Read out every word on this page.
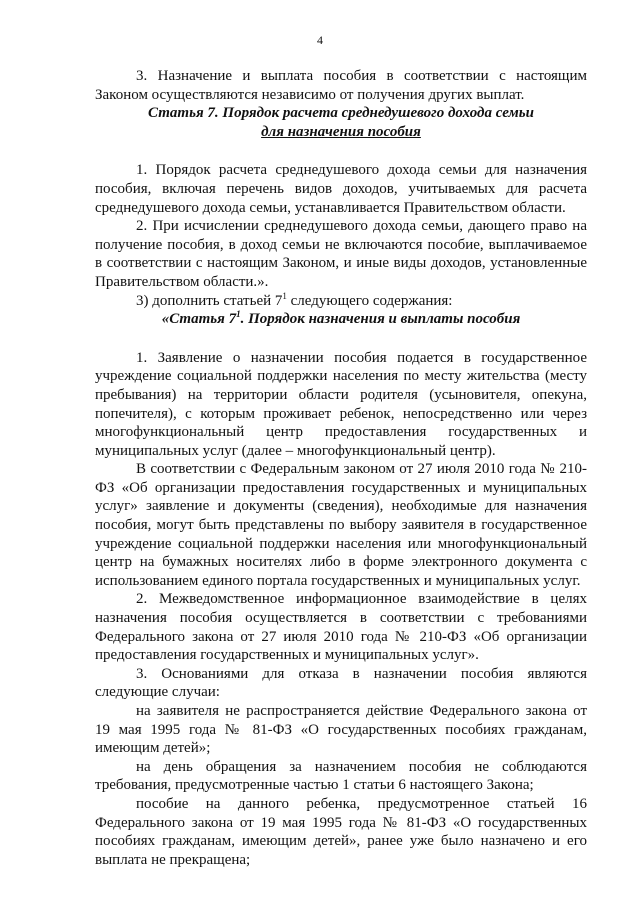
4

3. Назначение и выплата пособия в соответствии с настоящим Законом осуществляются независимо от получения других выплат.

Статья 7. Порядок расчета среднедушевого дохода семьи

для назначения пособия

1. Порядок расчета среднедушевого дохода семьи для назначения пособия, включая перечень видов доходов, учитываемых для расчета среднедушевого дохода семьи, устанавливается Правительством области.

2. При исчислении среднедушевого дохода семьи, дающего право на получение пособия, в доход семьи не включаются пособие, выплачиваемое в соответствии с настоящим Законом, и иные виды доходов, установленные Правительством области.».

3) дополнить статьей $7^1$ следующего содержания:

«Статья $7^1$. Порядок назначения и выплаты пособия

1. Заявление о назначении пособия подается в государственное учреждение социальной поддержки населения по месту жительства (месту пребывания) на территории области родителя (усыновителя, опекуна, попечителя), с которым проживает ребенок, непосредственно или через многофункциональный центр предоставления государственных и муниципальных услуг (далее – многофункциональный центр).

В соответствии с Федеральным законом от 27 июля 2010 года № 210-ФЗ «Об организации предоставления государственных и муниципальных услуг» заявление и документы (сведения), необходимые для назначения пособия, могут быть представлены по выбору заявителя в государственное учреждение социальной поддержки населения или многофункциональный центр на бумажных носителях либо в форме электронного документа с использованием единого портала государственных и муниципальных услуг.

2. Межведомственное информационное взаимодействие в целях назначения пособия осуществляется в соответствии с требованиями Федерального закона от 27 июля 2010 года № 210-ФЗ «Об организации предоставления государственных и муниципальных услуг».

3. Основаниями для отказа в назначении пособия являются следующие случаи:

на заявителя не распространяется действие Федерального закона от 19 мая 1995 года № 81-ФЗ «О государственных пособиях гражданам, имеющим детей»;

на день обращения за назначением пособия не соблюдаются требования, предусмотренные частью 1 статьи 6 настоящего Закона;

пособие на данного ребенка, предусмотренное статьей 16 Федерального закона от 19 мая 1995 года № 81-ФЗ «О государственных пособиях гражданам, имеющим детей», ранее уже было назначено и его выплата не прекращена;
